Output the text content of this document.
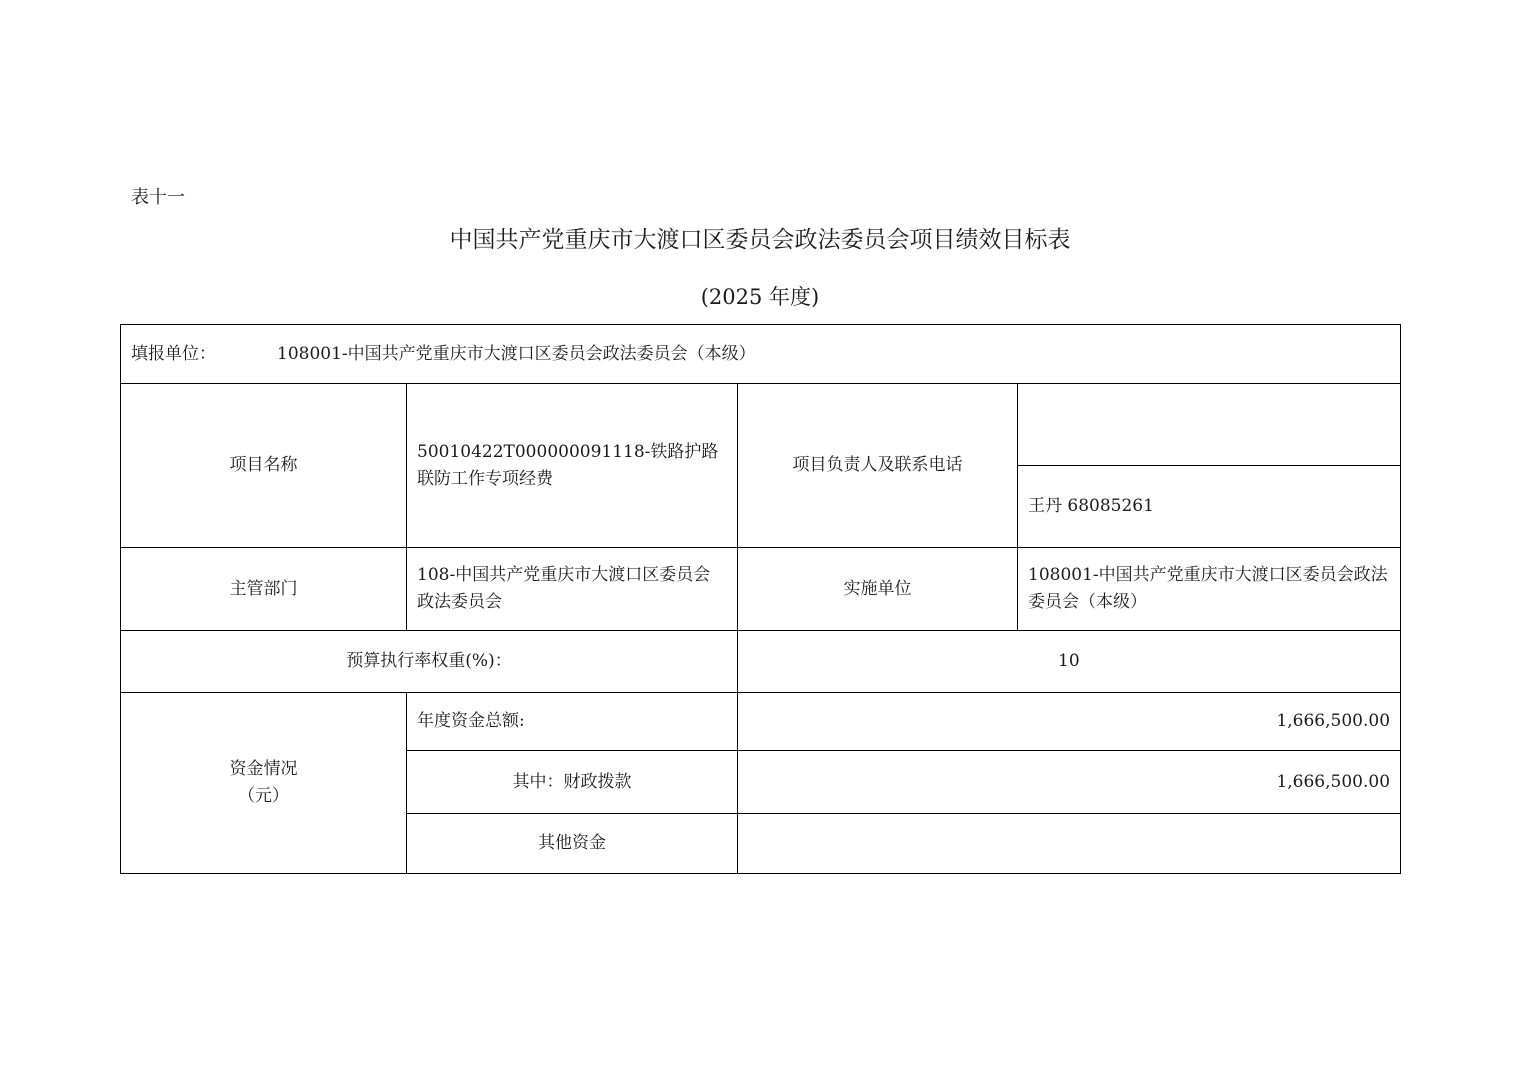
表十一
中国共产党重庆市大渡口区委员会政法委员会项目绩效目标表
(2025 年度)
填报单位： 108001-中国共产党重庆市大渡口区委员会政法委员会（本级）			
项目名称	50010422T000000091118-铁路护路联防工作专项经费	项目负责人及联系电话	
			王丹 68085261
主管部门	108-中国共产党重庆市大渡口区委员会政法委员会	实施单位	108001-中国共产党重庆市大渡口区委员会政法委员会（本级）
预算执行率权重(%)：		10	

资金情况
（元）	年度资金总额:	1,666,500.00	
	其中：财政拨款	1,666,500.00	
	其他资金		
